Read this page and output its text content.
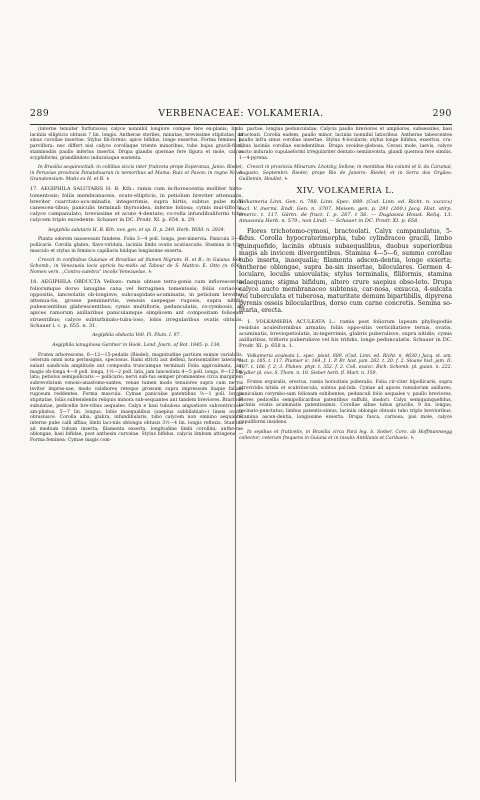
289	VERBENACEAE: VOLKAMERIA.	290

(interne tenuiter furfuracea) calyce nonnihil longiore compse fere ex-planis; limbi laciniis ellipticis obtusis ? lin. longis. Antherae steriles, minutae, brevissime stipitatae, ad sinus corollae insertae. Stylus fili-formis, apice bifidus, longe exsertus. Forma feminea b. parviflora: nec differt nisi calyce corollaque triente minoribus, tubo bujus gracili-fieri; staminodiis paullo inferius insertis. Drupa glandis quernae fere figura et mole, calyce scyphiformi, grandibidoto indurataque sustenta.

In Brasilia aequinoctiali: in collibus siccis inter fruticeta prope Esperanza, Janio: Riedel; in Peruviae provincia Panatahuaran in nemoribus ad Mama: Ruiz et Pavon: in regno Novo-Granatensium: Mutis ex H. et B. ♄

17. AEGIPHILA SALUTARIS H. B. Kth.: ramis cum in-florescentia molliter hirto-tomentosis; foliis membranaceis, ovato-ellipticis, in petiolum breviter attenuatis, breviter cuarctato-acu-minatis, integerrimis, supra hirtis, subtus pube molli canescen-tibus; paniculis terminali thyrsoidea, inferne foliosa; cymis mul-tifloris, calyce campanulato, brevissime et acute 4-dentato; co-rolla infundibuliformi tubo calycem triplo excedente. Schauer in DC. Prodr. XI. p. 654. n. 29.

Aegiphila salutaris H. B. Kth. nov. gen. et sp. II. p. 249. Herb. Willd. n. 2834.

Planta odorem nauseosum fundens. Folia 3—4 poll. longa, pen-ninervia. Panicula 3—4-pollicaris. Corolla glabra, flavo-viridula, laciniis limbi ovatis acutiusculis. Stamina in typo masculo et stylus in feminco capillaris hiidque longissime exserta.

Crescit in confinibus Guianae et Brasiliae ad flumen Nigrum: H. et B.; in Guiana: Rob. Schomb.; in Venezuela locis apricis hu-midis ad Tabour de S. Mattco: E. Otto (n. 656). Nomen vern. ,,Contra-culebra“ incolis Venezuelae. ♄

18. AEGIPHILA OBDUCTA Vellozo: ramis obtuse tetra-gonis cum inflorescentia foliorumque dorso lanugine cana vel ferrugineа tomentosis; foliis coriaceis, oppositis, lanceolatis ob-longisve, subcuspidato-acuminatis, in petiolum breviter attenua-tis, grosse penninerviis, venosis saepeque rugosis, supra nitidis pubescentibus glabrescentibus; cymis multifloris, pedunculatis, co-rymbosis, ad apices ramorum axillaribus paniculamque simplicem ant compositam foliosam struentibus; calyce subturbinato-tubu-loso, lobis irregularibus ovatis obtusis. Schauer l. c. p. 655. n. 31.

Aegiphila obducta Vell. Fl. Flum. I. 97.

Aegiphila lanuginosa Gardner in Hook. Lond. Journ. of Bot. 1845. p. 134.

Frutex arborescens, 6—12—15-pedalis (Riedel), magnitudine partium eximie variabilis, ceterum omni nota perinsignis, speciosus. Rami stricti aut deflexi, horisontaliter laterales; ealant sandicola amplitudo ant composita truncamque terminati Folia approximata, jam magis ob-longa 4—8 poll. longa, 1½—2 poll. lata, jam lanceolata 4—5 poll. longa, 9—12 lin. lata; petiolus semipollicaris — pollicaris; nervi sub-tus semper prominentes circa marginem subrevolutum venoso-anastomo-santes, venae tamen modo tenuiores supra cum nervis leviter impres-sae, modo validiores retequo grossum supra impressum itaque faliam rugosum reddentes. Forma mascula: Cymae paniculae patentibus ½—1 poll. longis stipitatae, foliis subtendentis reliquis minora sub-sequantes ant tandem breviores. Bracteae subulatae, pedicellis bre-vibus aequales. Calyx e basi tubulosa angustiore subventricoso-am-pliatus, 5—7 lin. longus, lobis inaequalibus (saepius subbilabiato-) lineis ovatis obtusiusce. Corolla alba, glabra, infundibularis, tubo calycem non omnino aequante, interne pube calli affixa; limbi laci-niis oblongis obtusis 3½—4 lin. longis reflexis. Stamina ad medium tubum inserta; filamenta exserta, longitudine limbi corollini; anthe-rae oblongae, basi bifidae, post anthesin curvatae. Stylus bifidus, calycis limbum attingens. — Forma feminea: Cymae magis com-

pactae, longius pedunculatae. Calycis paullo breviores et ampliores, subsessiles, basi bracteati. Corolla eadem, paullo minor, laciniis nonnihil latioribus. Antherae tabescentes paullo infra sinus corollae insertae. Stylus 4-locularis; stylus longe bifidus, exsertus, cru-ribus laciniis corollae excedentibus. Drupa ovoideo-globosa, Cerasi mole, laevis, calyce aucto indurato cupulaeformi irregulariter dentato semiinvolsta, glandi quernoa fere similis, 1—4-pyrena.

Crescit in provinciа Minarum: Lhotzky, Sellow; in montibus Ma-columi et S. da Carumal, Augusto, Septembri: Riedel; prope Rio de Janeiro: Riedel; et in Serra dos Orgãos: Guillemin, Houllet. ♄

XIV. VOLKAMERIA L.

Volkameria Linn. Gen. n. 788. Linn. Spec. 889. (Cod. Linn. ed. Richt. n. xxcccx) excl. V. inermi. Endl. Gen. n. 3707. Meisen. gen. p. 291 (200.) Jacq. Hist. stirp. americ. t. 117. Gärtn. de fruct. I. p. 267. t 56. — Duglassia Houst. Reliq. 13. Amasonia Herb. n. 579., non Lindl. — Schauer in DC. Prodr. XI. p. 658.

Flores trichotomo-cymosi, bracteolati. Calyx campanulatus, 5-fidus. Corolla hypocraterimorpha, tubo cylindraceo gracili, limbo quinquefido, laciniis obtusis subaequalibus, duobus superioribus magis ab invicem divergentibus. Stamina 4—5—6, summo corollae tubo inserta, inaequalia; filamenta adscen-dentia, longe exserta; antherae oblongae, supra ba-sin insertae, biloculares. Germen 4-loculare, loculis uniovulatis; stylus terminalis, filiformis, stamina adaequans; stigma bifidum, altero crure saepius obso-leto. Drupa calyce aucto membranaceo subtensa, car-nosa, exsucca, 4-sulcata vel tuberculata et tuberosa, maturitate demum bipartibilis, dipyrena pyrenis osseis bilocularibus, dorso cum carne concretis. Semina so-litaria, erecta.

1. VOLKAMERIA ACULEATA L.: ramis post foliorum lapsum phyllopodiis residuis aculeiformibus armatis; foliis oppo-sitis verticillatisve ternis, ovatis, acuminatis, breviopetiolatis, in-tegerrimis, glabris puberulisve, supra nitidis; cymis axillaribus, trifloris puberulisve vel bis trifidis, longe pedunculatis. Schauer in DC. Prodr. XI. p. 658 n. 1.

Volkameria aculeata L. spec. plant. 889. (Cod. Linn. ed. Richt. n. 4630.) Jacq. st. am. hist. p. 185. t. 117. Plumier ic. 164. f. 1. P. Br. hist. jam. 262. t. 20. f. 2. Sloane hist. jam. II. 137. t. 166. f. 2, 3. Pluken. phyt. t. 352. f. 2. Coll. exsicc. Rich. Schomb. pl. guian. n. 222. Wydler pl. exs. S. Thom. n. 10. Sieber herb. fl. Mart. n. 159.

Frutex erguralis, erectus, ramis horsotinis puberalis. Folia cir-citer bipollicaris, supra atroviridis nitida et scabriuscula, subtus pal-lida. Cymae ad apices ramulorum axillares, paniculam corymbo-sam foliosam exhibentes; pedunculi folio aequales v. paullo breviores. Flores pedicellis semipollicaribus patentibus suffulti, inodori. Calyx semiquinquefidus, laciniis ovatis acuminatis patentissimis. Corollae albae tubus gracilis, 9 lin. longus, recinato-punctatus; limbus patentis-simus, laciniis oblongis obtusis tubo triplo brevioribus. Stamina ascen-dentia, longissime exserta. Drupa fusca, carnosa, pisi mole, calyce cupuliformi insidens.

In sepibus et fruticetis, in Brasilia circa Pará leg. b. Sieber, Coro. ab Hoffmannsegg collector; ceterum frequens in Guiana et in insulis Antillanis et Caribaeis. ♄
